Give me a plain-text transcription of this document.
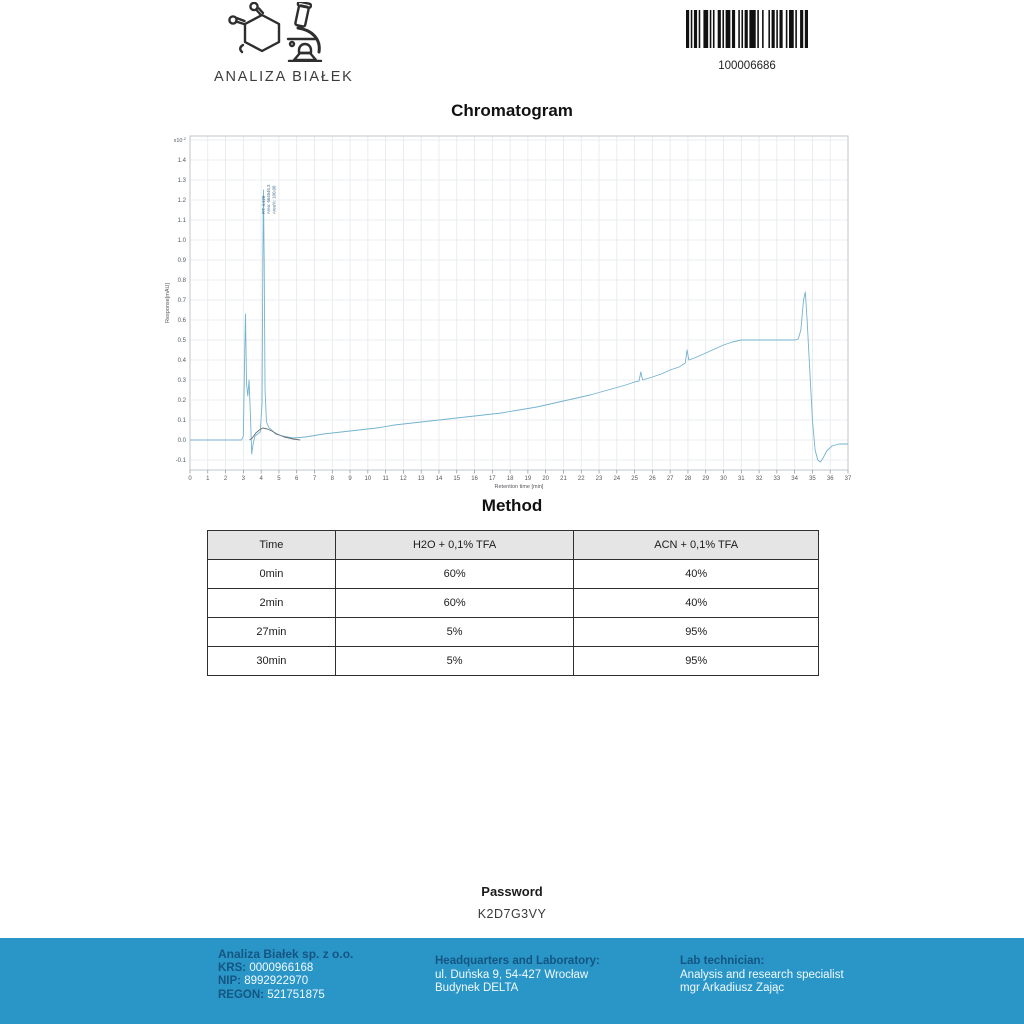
ANALIZA BIAŁEK
100006686
Chromatogram
0 1 2 3 4 5 6 7 8 9 10 11 12 13 14 15 16 17 18 19 20 21 22 23 24 25 26 27 28 29 30 31 32 33 34 35 36 37
-0.1
0.0
0.1
0.2
0.3
0.4
0.5
0.6
0.7
0.8
0.9
1.0
1.1
1.2
1.3
1.4
$x10^{-2}$
Retention time [min]
Response[mAU]
RT: 4,128 Area: 664646,3 Area%: 100,00
Method
Time	H2O + 0,1% TFA	ACN + 0,1% TFA
0min	60%	40%
2min	60%	40%
27min	5%	95%
30min	5%	95%
Password
K2D7G3VY
Analiza Białek sp. z o.o.
KRS: 0000966168
NIP: 8992922970
REGON: 521751875
Headquarters and Laboratory:
ul. Duńska 9, 54-427 Wrocław
Budynek DELTA
Lab technician:
Analysis and research specialist
mgr Arkadiusz Zając
